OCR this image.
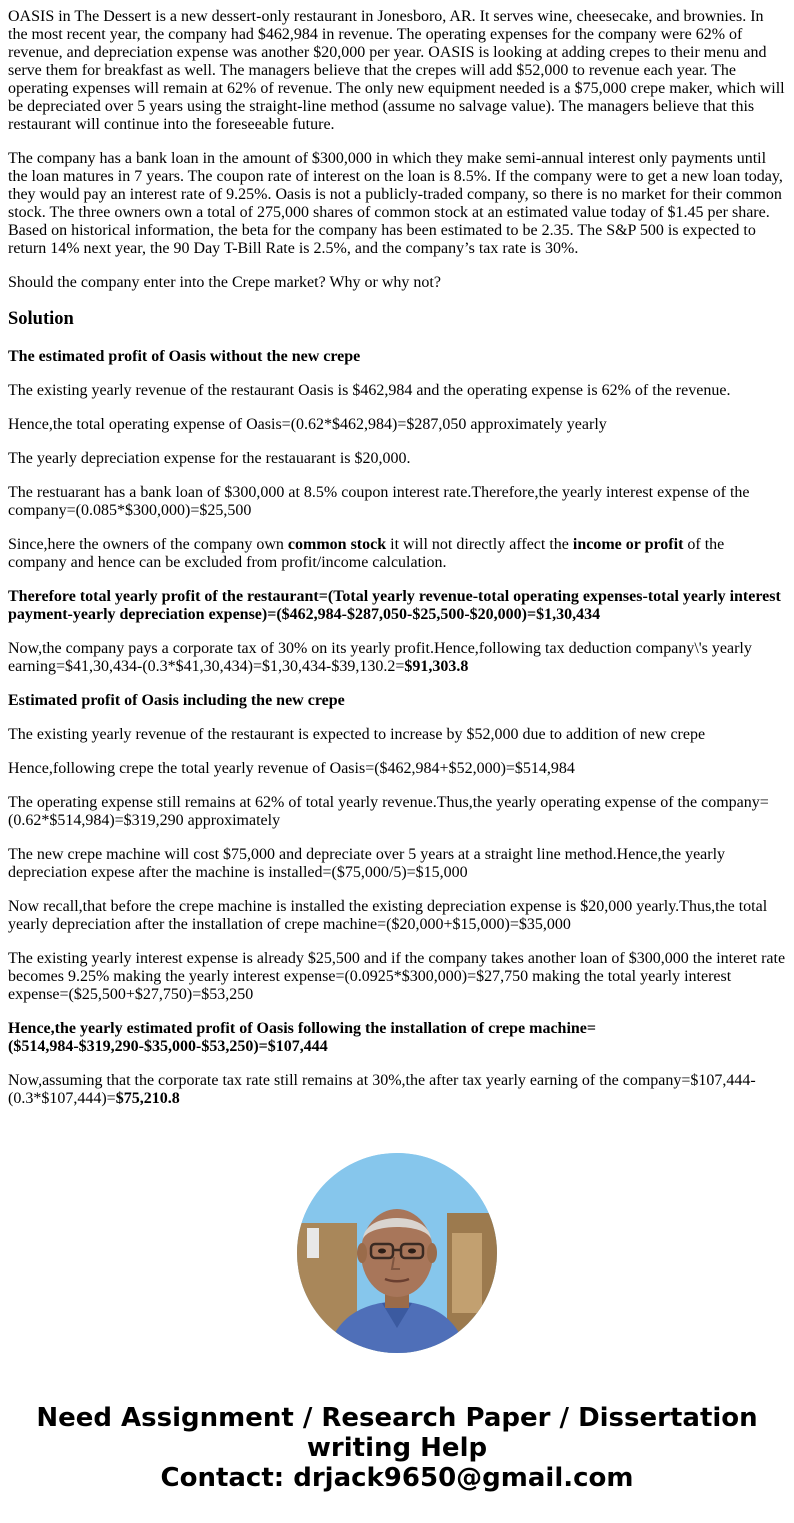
OASIS in The Dessert is a new dessert-only restaurant in Jonesboro, AR. It serves wine, cheesecake, and brownies. In the most recent year, the company had $462,984 in revenue. The operating expenses for the company were 62% of revenue, and depreciation expense was another $20,000 per year. OASIS is looking at adding crepes to their menu and serve them for breakfast as well. The managers believe that the crepes will add $52,000 to revenue each year. The operating expenses will remain at 62% of revenue. The only new equipment needed is a $75,000 crepe maker, which will be depreciated over 5 years using the straight-line method (assume no salvage value). The managers believe that this restaurant will continue into the foreseeable future.

The company has a bank loan in the amount of $300,000 in which they make semi-annual interest only payments until the loan matures in 7 years. The coupon rate of interest on the loan is 8.5%. If the company were to get a new loan today, they would pay an interest rate of 9.25%. Oasis is not a publicly-traded company, so there is no market for their common stock. The three owners own a total of 275,000 shares of common stock at an estimated value today of $1.45 per share. Based on historical information, the beta for the company has been estimated to be 2.35. The S&P 500 is expected to return 14% next year, the 90 Day T-Bill Rate is 2.5%, and the company’s tax rate is 30%.

Should the company enter into the Crepe market? Why or why not?

Solution

The estimated profit of Oasis without the new crepe

The existing yearly revenue of the restaurant Oasis is $462,984 and the operating expense is 62% of the revenue.

Hence,the total operating expense of Oasis=(0.62*$462,984)=$287,050 approximately yearly

The yearly depreciation expense for the restauarant is $20,000.

The restuarant has a bank loan of $300,000 at 8.5% coupon interest rate.Therefore,the yearly interest expense of the company=(0.085*$300,000)=$25,500

Since,here the owners of the company own common stock it will not directly affect the income or profit of the company and hence can be excluded from profit/income calculation.

Therefore total yearly profit of the restaurant=(Total yearly revenue-total operating expenses-total yearly interest payment-yearly depreciation expense)=($462,984-$287,050-$25,500-$20,000)=$1,30,434

Now,the company pays a corporate tax of 30% on its yearly profit.Hence,following tax deduction company\'s yearly earning=$41,30,434-(0.3*$41,30,434)=$1,30,434-$39,130.2=$91,303.8

Estimated profit of Oasis including the new crepe

The existing yearly revenue of the restaurant is expected to increase by $52,000 due to addition of new crepe

Hence,following crepe the total yearly revenue of Oasis=($462,984+$52,000)=$514,984

The operating expense still remains at 62% of total yearly revenue.Thus,the yearly operating expense of the company=(0.62*$514,984)=$319,290 approximately

The new crepe machine will cost $75,000 and depreciate over 5 years at a straight line method.Hence,the yearly depreciation expese after the machine is installed=($75,000/5)=$15,000

Now recall,that before the crepe machine is installed the existing depreciation expense is $20,000 yearly.Thus,the total yearly depreciation after the installation of crepe machine=($20,000+$15,000)=$35,000

The existing yearly interest expense is already $25,500 and if the company takes another loan of $300,000 the interet rate becomes 9.25% making the yearly interest expense=(0.0925*$300,000)=$27,750 making the total yearly interest expense=($25,500+$27,750)=$53,250

Hence,the yearly estimated profit of Oasis following the installation of crepe machine=($514,984-$319,290-$35,000-$53,250)=$107,444

Now,assuming that the corporate tax rate still remains at 30%,the after tax yearly earning of the company=$107,444-(0.3*$107,444)=$75,210.8

Need Assignment / Research Paper / Dissertation writing Help
Contact: drjack9650@gmail.com
